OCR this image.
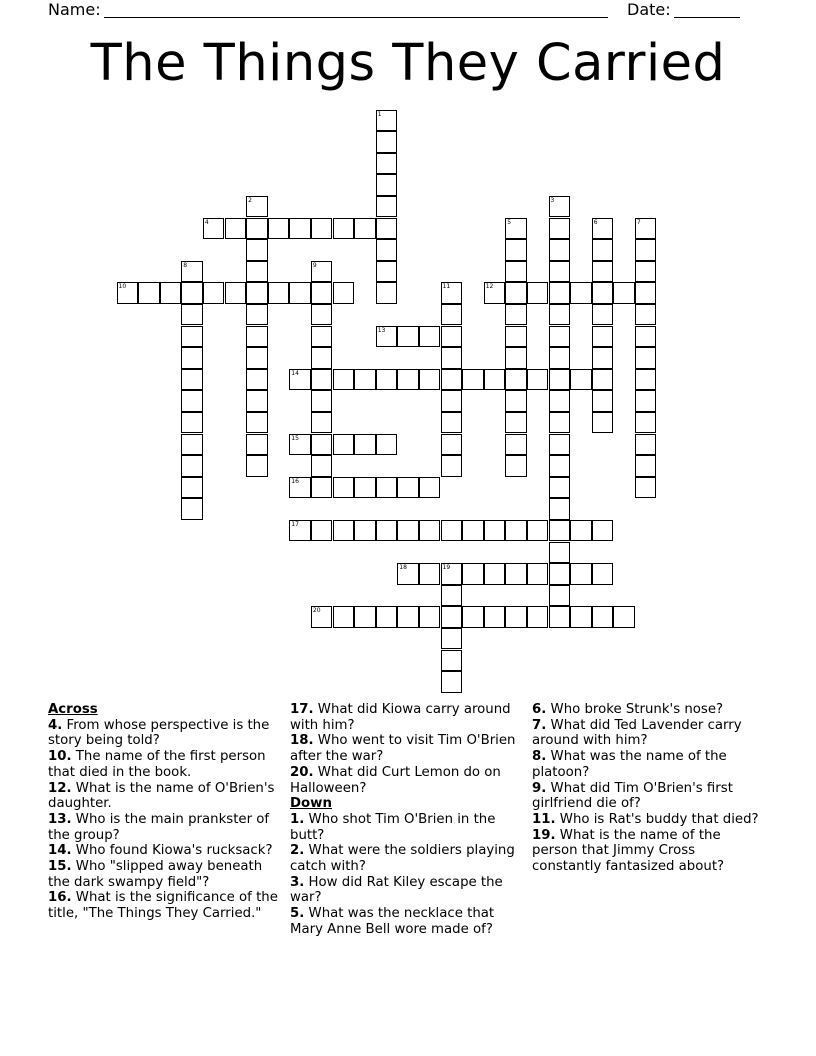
Name:	Date:
The Things They Carried
1
2	3
4	5	6	7
8	9
10	11	12
13
14
15
16
17
18	19
20
Across
4. From whose perspective is the story being told?
10. The name of the first person that died in the book.
12. What is the name of O'Brien's daughter.
13. Who is the main prankster of the group?
14. Who found Kiowa's rucksack?
15. Who "slipped away beneath the dark swampy field"?
16. What is the significance of the title, "The Things They Carried."
17. What did Kiowa carry around with him?
18. Who went to visit Tim O'Brien after the war?
20. What did Curt Lemon do on Halloween?
Down
1. Who shot Tim O'Brien in the butt?
2. What were the soldiers playing catch with?
3. How did Rat Kiley escape the war?
5. What was the necklace that Mary Anne Bell wore made of?
6. Who broke Strunk's nose?
7. What did Ted Lavender carry around with him?
8. What was the name of the platoon?
9. What did Tim O'Brien's first girlfriend die of?
11. Who is Rat's buddy that died?
19. What is the name of the person that Jimmy Cross constantly fantasized about?
